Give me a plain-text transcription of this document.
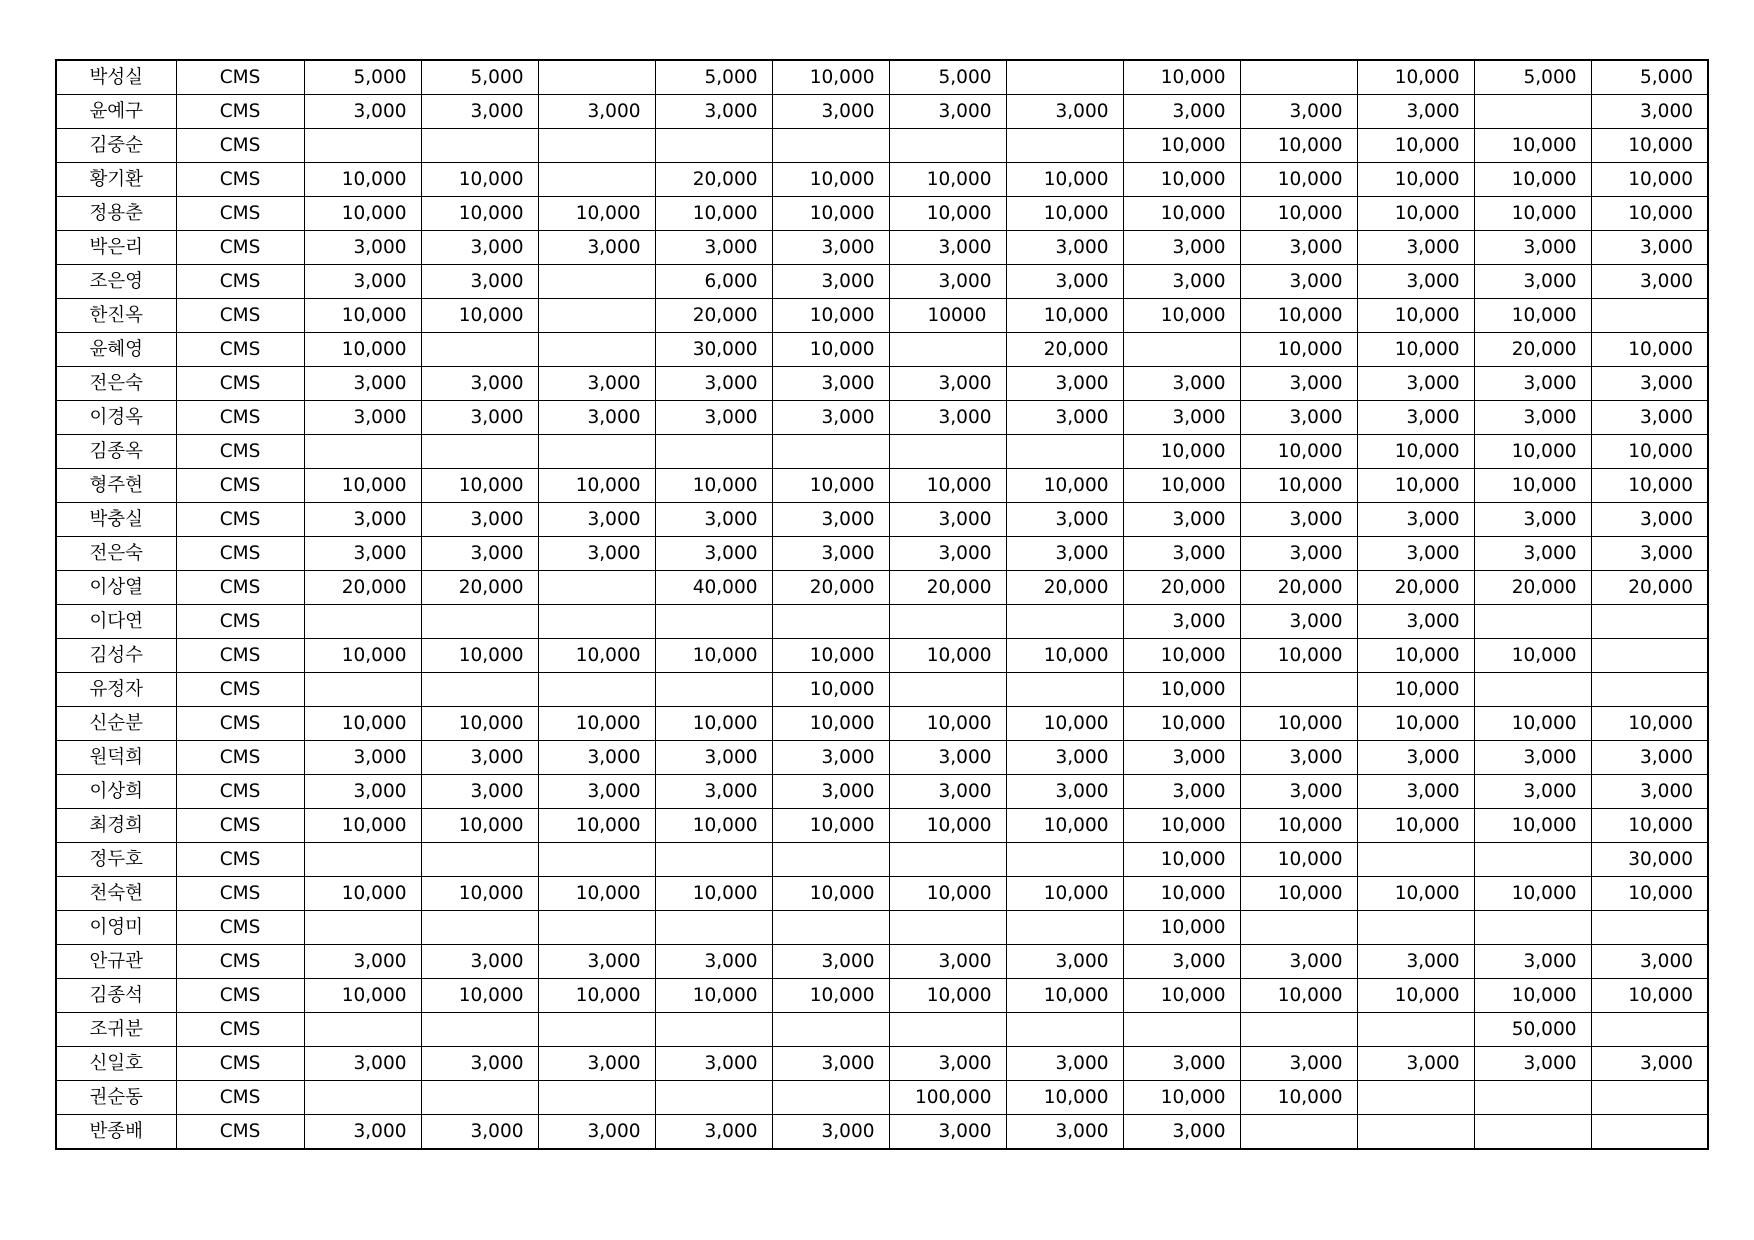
박성실	CMS	5,000	5,000		5,000	10,000	5,000		10,000		10,000	5,000	5,000
윤예구	CMS	3,000	3,000	3,000	3,000	3,000	3,000	3,000	3,000	3,000	3,000		3,000
김중순	CMS								10,000	10,000	10,000	10,000	10,000
황기환	CMS	10,000	10,000		20,000	10,000	10,000	10,000	10,000	10,000	10,000	10,000	10,000
정용춘	CMS	10,000	10,000	10,000	10,000	10,000	10,000	10,000	10,000	10,000	10,000	10,000	10,000
박은리	CMS	3,000	3,000	3,000	3,000	3,000	3,000	3,000	3,000	3,000	3,000	3,000	3,000
조은영	CMS	3,000	3,000		6,000	3,000	3,000	3,000	3,000	3,000	3,000	3,000	3,000
한진옥	CMS	10,000	10,000		20,000	10,000	10000	10,000	10,000	10,000	10,000	10,000	
윤혜영	CMS	10,000			30,000	10,000		20,000		10,000	10,000	20,000	10,000
전은숙	CMS	3,000	3,000	3,000	3,000	3,000	3,000	3,000	3,000	3,000	3,000	3,000	3,000
이경옥	CMS	3,000	3,000	3,000	3,000	3,000	3,000	3,000	3,000	3,000	3,000	3,000	3,000
김종옥	CMS								10,000	10,000	10,000	10,000	10,000
형주현	CMS	10,000	10,000	10,000	10,000	10,000	10,000	10,000	10,000	10,000	10,000	10,000	10,000
박충실	CMS	3,000	3,000	3,000	3,000	3,000	3,000	3,000	3,000	3,000	3,000	3,000	3,000
전은숙	CMS	3,000	3,000	3,000	3,000	3,000	3,000	3,000	3,000	3,000	3,000	3,000	3,000
이상열	CMS	20,000	20,000		40,000	20,000	20,000	20,000	20,000	20,000	20,000	20,000	20,000
이다연	CMS								3,000	3,000	3,000		
김성수	CMS	10,000	10,000	10,000	10,000	10,000	10,000	10,000	10,000	10,000	10,000	10,000	
유정자	CMS					10,000			10,000		10,000		
신순분	CMS	10,000	10,000	10,000	10,000	10,000	10,000	10,000	10,000	10,000	10,000	10,000	10,000
원덕희	CMS	3,000	3,000	3,000	3,000	3,000	3,000	3,000	3,000	3,000	3,000	3,000	3,000
이상희	CMS	3,000	3,000	3,000	3,000	3,000	3,000	3,000	3,000	3,000	3,000	3,000	3,000
최경희	CMS	10,000	10,000	10,000	10,000	10,000	10,000	10,000	10,000	10,000	10,000	10,000	10,000
정두호	CMS								10,000	10,000			30,000
천숙현	CMS	10,000	10,000	10,000	10,000	10,000	10,000	10,000	10,000	10,000	10,000	10,000	10,000
이영미	CMS								10,000				
안규관	CMS	3,000	3,000	3,000	3,000	3,000	3,000	3,000	3,000	3,000	3,000	3,000	3,000
김종석	CMS	10,000	10,000	10,000	10,000	10,000	10,000	10,000	10,000	10,000	10,000	10,000	10,000
조귀분	CMS											50,000	
신일호	CMS	3,000	3,000	3,000	3,000	3,000	3,000	3,000	3,000	3,000	3,000	3,000	3,000
권순동	CMS						100,000	10,000	10,000	10,000			
반종배	CMS	3,000	3,000	3,000	3,000	3,000	3,000	3,000	3,000				
